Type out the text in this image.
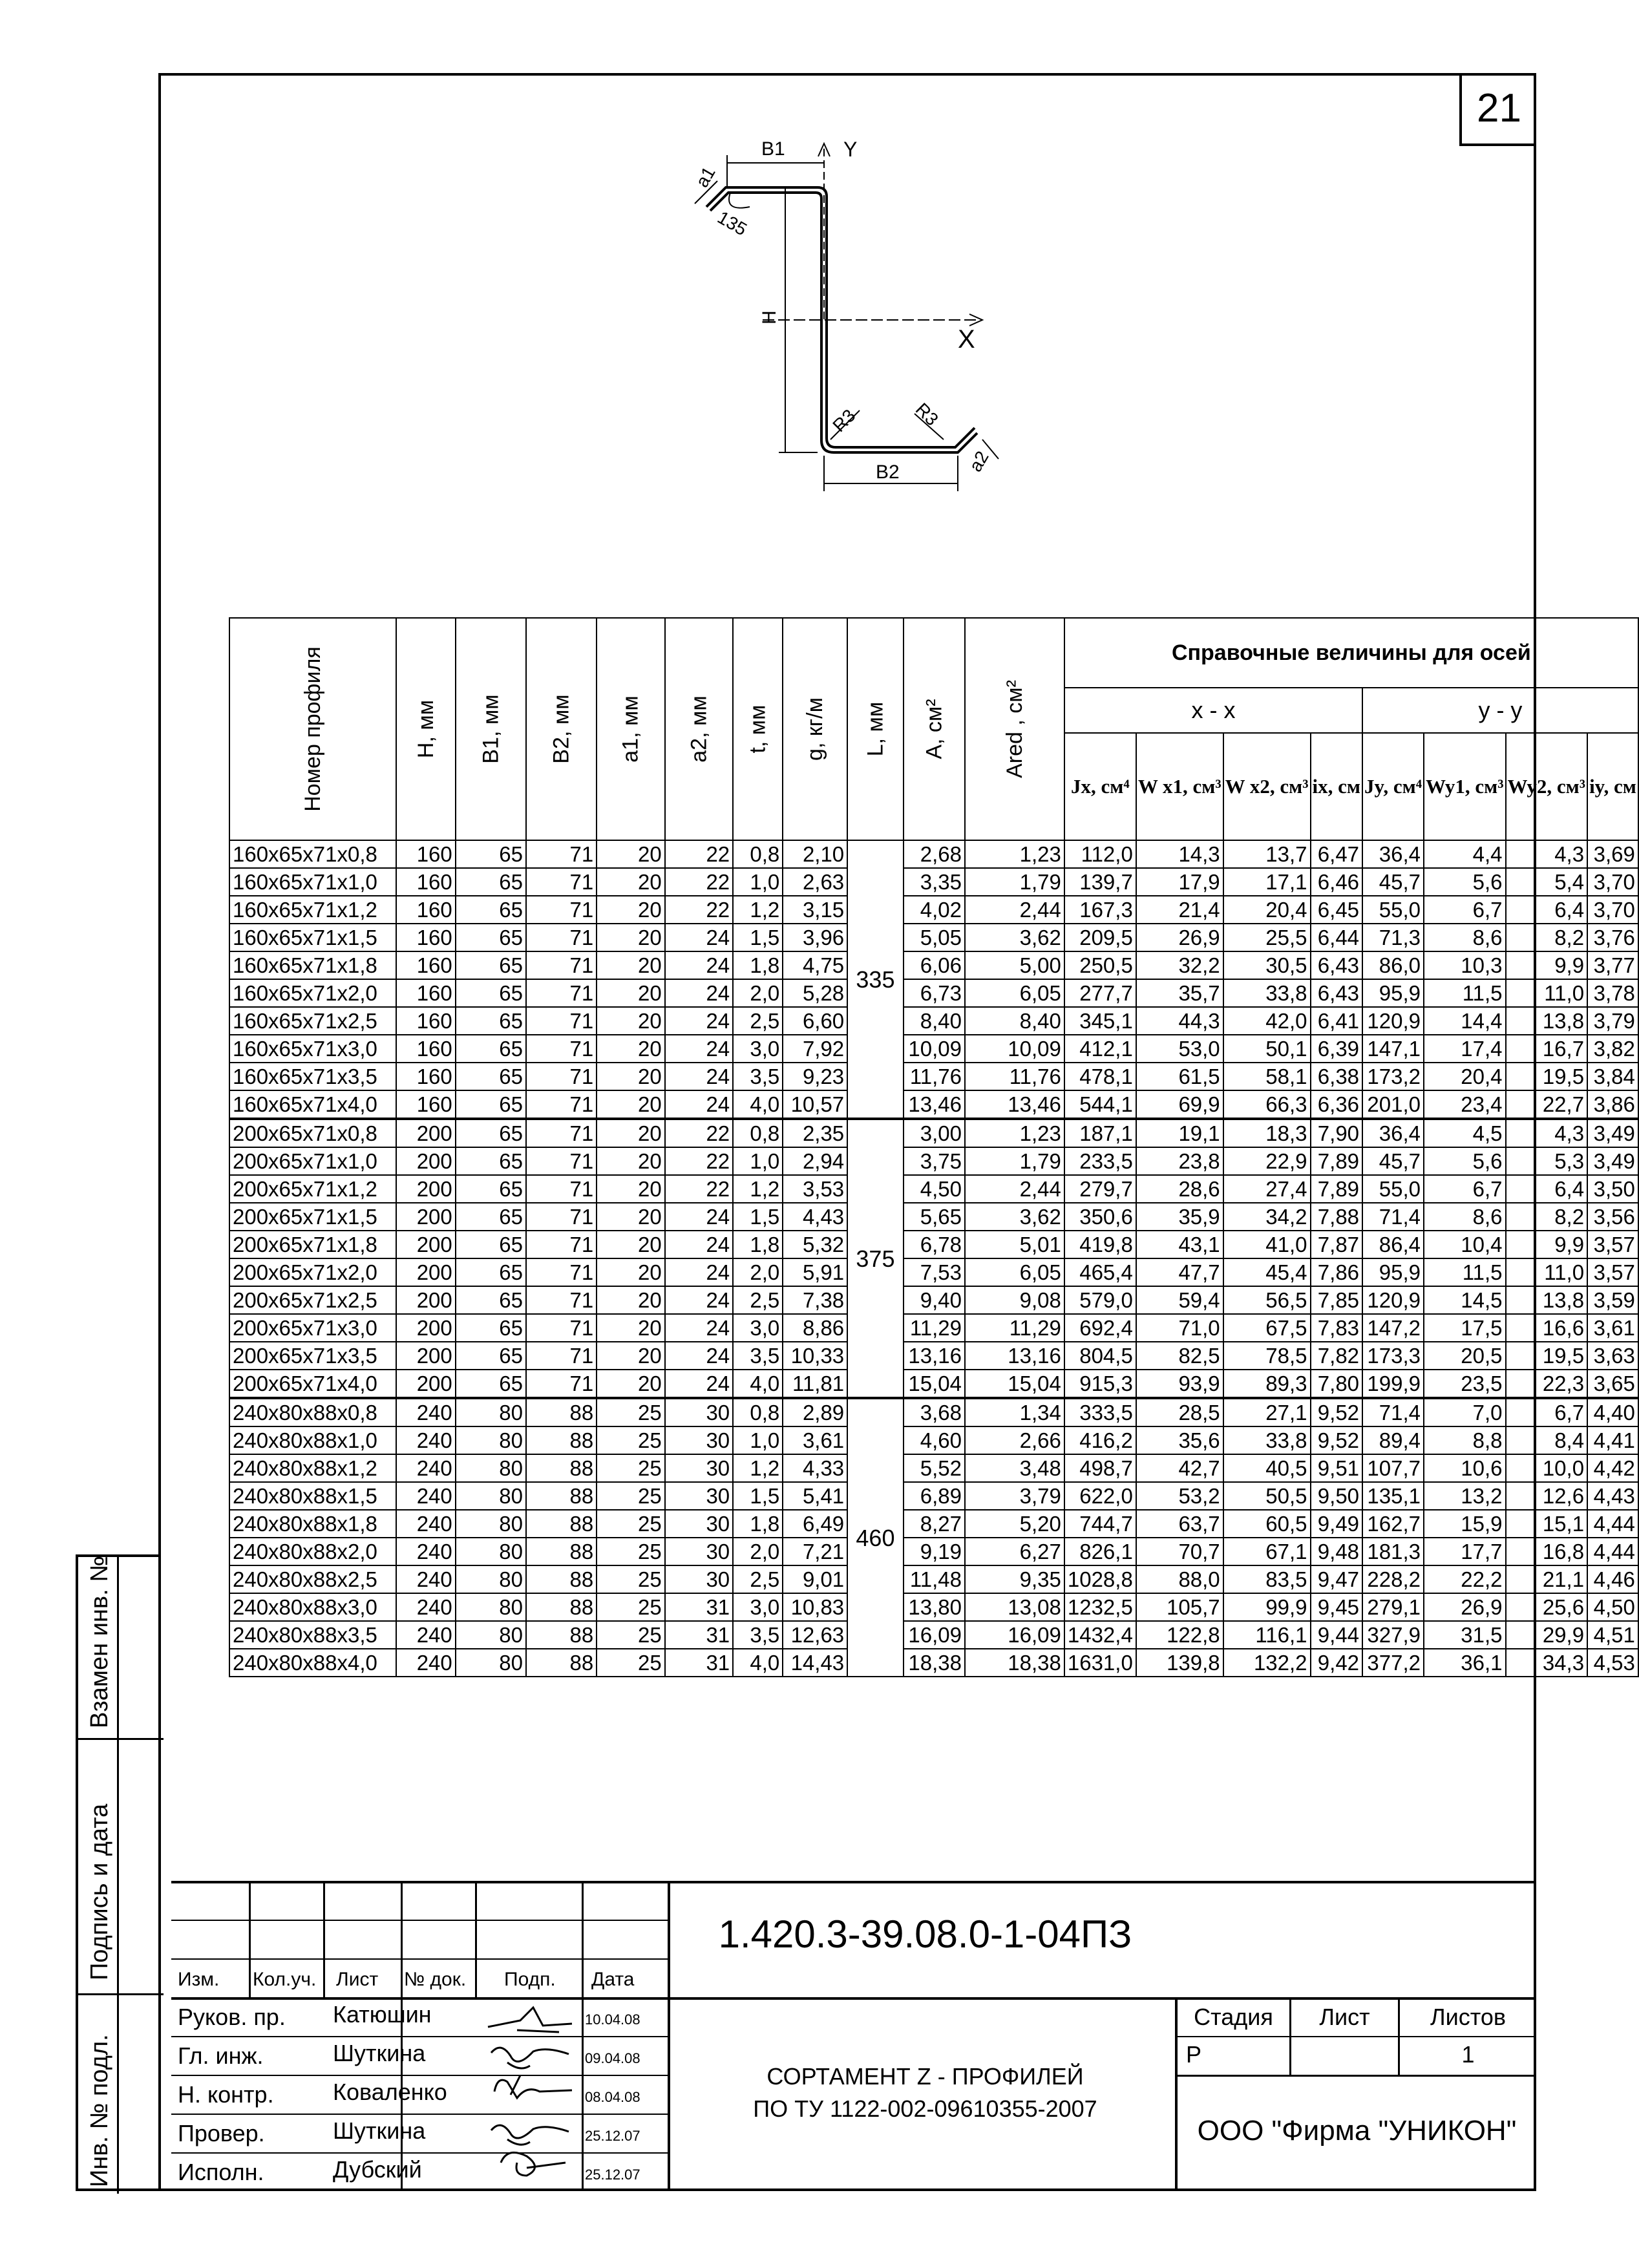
21
B1
a1
Y
135
H
X
R3	R3
a2
B2
Номер профиля	Н, мм	В1, мм	В2, мм	а1, мм	а2, мм	t, мм	g, кг/м	L, мм	А, см²	Ared , см²	Справочные величины для осей							
											х - х				у - у			
											Jx, см⁴	W x1, см³	W x2, см³	ix, см	Jy, см⁴	Wy1, см³	Wy2, см³	iy, см
160х65х71х0,8	160	65	71	20	22	0,8	2,10	335	2,68	1,23	112,0	14,3	13,7	6,47	36,4	4,4	4,3	3,69
160х65х71х1,0	160	65	71	20	22	1,0	2,63		3,35	1,79	139,7	17,9	17,1	6,46	45,7	5,6	5,4	3,70
160х65х71х1,2	160	65	71	20	22	1,2	3,15		4,02	2,44	167,3	21,4	20,4	6,45	55,0	6,7	6,4	3,70
160х65х71х1,5	160	65	71	20	24	1,5	3,96		5,05	3,62	209,5	26,9	25,5	6,44	71,3	8,6	8,2	3,76
160х65х71х1,8	160	65	71	20	24	1,8	4,75		6,06	5,00	250,5	32,2	30,5	6,43	86,0	10,3	9,9	3,77
160х65х71х2,0	160	65	71	20	24	2,0	5,28		6,73	6,05	277,7	35,7	33,8	6,43	95,9	11,5	11,0	3,78
160х65х71х2,5	160	65	71	20	24	2,5	6,60		8,40	8,40	345,1	44,3	42,0	6,41	120,9	14,4	13,8	3,79
160х65х71х3,0	160	65	71	20	24	3,0	7,92		10,09	10,09	412,1	53,0	50,1	6,39	147,1	17,4	16,7	3,82
160х65х71х3,5	160	65	71	20	24	3,5	9,23		11,76	11,76	478,1	61,5	58,1	6,38	173,2	20,4	19,5	3,84
160х65х71х4,0	160	65	71	20	24	4,0	10,57		13,46	13,46	544,1	69,9	66,3	6,36	201,0	23,4	22,7	3,86
200х65х71х0,8	200	65	71	20	22	0,8	2,35	375	3,00	1,23	187,1	19,1	18,3	7,90	36,4	4,5	4,3	3,49
200х65х71х1,0	200	65	71	20	22	1,0	2,94		3,75	1,79	233,5	23,8	22,9	7,89	45,7	5,6	5,3	3,49
200х65х71х1,2	200	65	71	20	22	1,2	3,53		4,50	2,44	279,7	28,6	27,4	7,89	55,0	6,7	6,4	3,50
200х65х71х1,5	200	65	71	20	24	1,5	4,43		5,65	3,62	350,6	35,9	34,2	7,88	71,4	8,6	8,2	3,56
200х65х71х1,8	200	65	71	20	24	1,8	5,32		6,78	5,01	419,8	43,1	41,0	7,87	86,4	10,4	9,9	3,57
200х65х71х2,0	200	65	71	20	24	2,0	5,91		7,53	6,05	465,4	47,7	45,4	7,86	95,9	11,5	11,0	3,57
200х65х71х2,5	200	65	71	20	24	2,5	7,38		9,40	9,08	579,0	59,4	56,5	7,85	120,9	14,5	13,8	3,59
200х65х71х3,0	200	65	71	20	24	3,0	8,86		11,29	11,29	692,4	71,0	67,5	7,83	147,2	17,5	16,6	3,61
200х65х71х3,5	200	65	71	20	24	3,5	10,33		13,16	13,16	804,5	82,5	78,5	7,82	173,3	20,5	19,5	3,63
200х65х71х4,0	200	65	71	20	24	4,0	11,81		15,04	15,04	915,3	93,9	89,3	7,80	199,9	23,5	22,3	3,65
240х80х88х0,8	240	80	88	25	30	0,8	2,89	460	3,68	1,34	333,5	28,5	27,1	9,52	71,4	7,0	6,7	4,40
240х80х88х1,0	240	80	88	25	30	1,0	3,61		4,60	2,66	416,2	35,6	33,8	9,52	89,4	8,8	8,4	4,41
240х80х88х1,2	240	80	88	25	30	1,2	4,33		5,52	3,48	498,7	42,7	40,5	9,51	107,7	10,6	10,0	4,42
240х80х88х1,5	240	80	88	25	30	1,5	5,41		6,89	3,79	622,0	53,2	50,5	9,50	135,1	13,2	12,6	4,43
240х80х88х1,8	240	80	88	25	30	1,8	6,49		8,27	5,20	744,7	63,7	60,5	9,49	162,7	15,9	15,1	4,44
240х80х88х2,0	240	80	88	25	30	2,0	7,21		9,19	6,27	826,1	70,7	67,1	9,48	181,3	17,7	16,8	4,44
240х80х88х2,5	240	80	88	25	30	2,5	9,01		11,48	9,35	1028,8	88,0	83,5	9,47	228,2	22,2	21,1	4,46
240х80х88х3,0	240	80	88	25	31	3,0	10,83		13,80	13,08	1232,5	105,7	99,9	9,45	279,1	26,9	25,6	4,50
240х80х88х3,5	240	80	88	25	31	3,5	12,63		16,09	16,09	1432,4	122,8	116,1	9,44	327,9	31,5	29,9	4,51
240х80х88х4,0	240	80	88	25	31	4,0	14,43		18,38	18,38	1631,0	139,8	132,2	9,42	377,2	36,1	34,3	4,53
Взамен инв. №
Подпись и дата
Инв. № подл.
Изм. Кол.уч. Лист № док. Подп. Дата
Руков. пр. Катюшин	10.04.08
Гл. инж.	Шуткина	09.04.08
Н. контр.	Коваленко	08.04.08
Провер.	Шуткина	25.12.07
Исполн.	Дубский	25.12.07
1.420.3-39.08.0-1-04ПЗ
СОРТАМЕНТ Z - ПРОФИЛЕЙ
ПО ТУ 1122-002-09610355-2007
Стадия	Лист	Листов
Р	1
ООО "Фирма "УНИКОН"
